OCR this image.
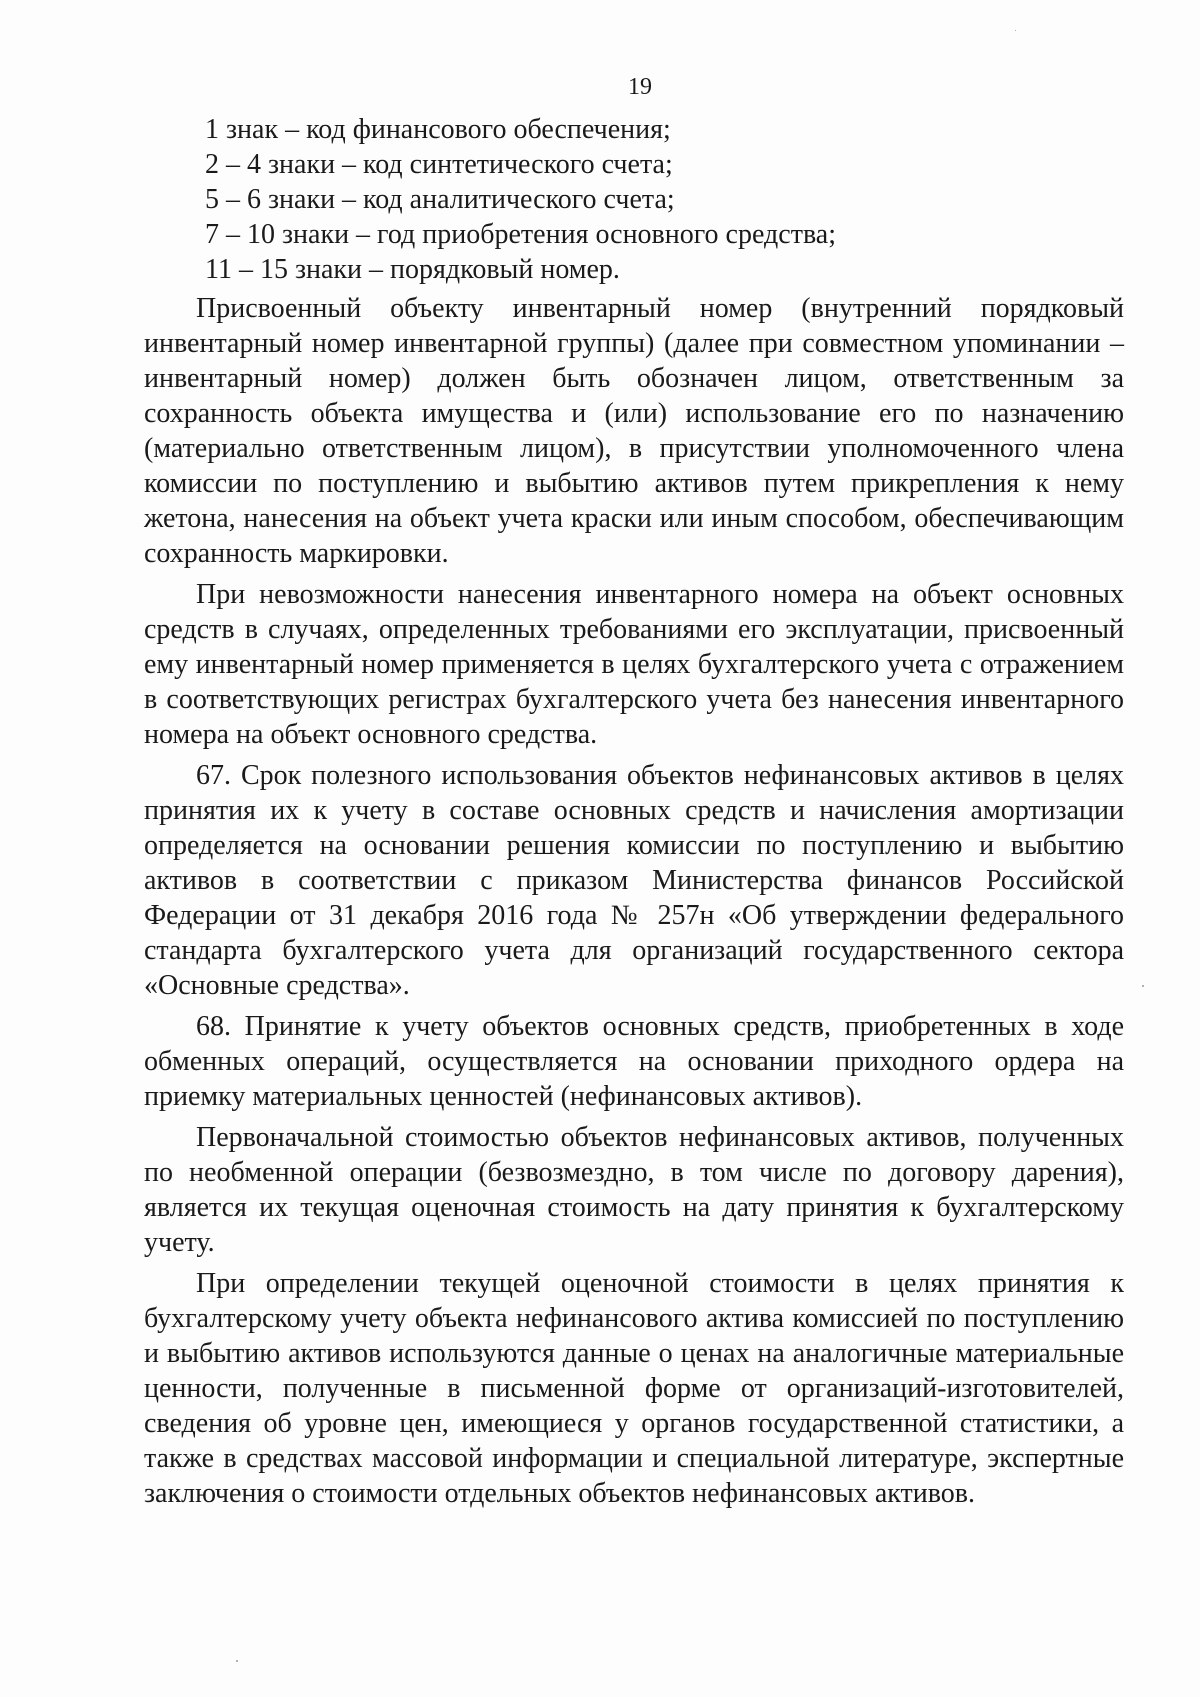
19
1 знак – код финансового обеспечения;
2 – 4 знаки – код синтетического счета;
5 – 6 знаки – код аналитического счета;
7 – 10 знаки – год приобретения основного средства;
11 – 15 знаки – порядковый номер.

Присвоенный объекту инвентарный номер (внутренний порядковый инвентарный номер инвентарной группы) (далее при совместном упоминании – инвентарный номер) должен быть обозначен лицом, ответственным за сохранность объекта имущества и (или) использование его по назначению (материально ответственным лицом), в присутствии уполномоченного члена комиссии по поступлению и выбытию активов путем прикрепления к нему жетона, нанесения на объект учета краски или иным способом, обеспечивающим сохранность маркировки.

При невозможности нанесения инвентарного номера на объект основных средств в случаях, определенных требованиями его эксплуатации, присвоенный ему инвентарный номер применяется в целях бухгалтерского учета с отражением в соответствующих регистрах бухгалтерского учета без нанесения инвентарного номера на объект основного средства.

67. Срок полезного использования объектов нефинансовых активов в целях принятия их к учету в составе основных средств и начисления амортизации определяется на основании решения комиссии по поступлению и выбытию активов в соответствии с приказом Министерства финансов Российской Федерации от 31 декабря 2016 года № 257н «Об утверждении федерального стандарта бухгалтерского учета для организаций государственного сектора «Основные средства».

68. Принятие к учету объектов основных средств, приобретенных в ходе обменных операций, осуществляется на основании приходного ордера на приемку материальных ценностей (нефинансовых активов).

Первоначальной стоимостью объектов нефинансовых активов, полученных по необменной операции (безвозмездно, в том числе по договору дарения), является их текущая оценочная стоимость на дату принятия к бухгалтерскому учету.

При определении текущей оценочной стоимости в целях принятия к бухгалтерскому учету объекта нефинансового актива комиссией по поступлению и выбытию активов используются данные о ценах на аналогичные материальные ценности, полученные в письменной форме от организаций-изготовителей, сведения об уровне цен, имеющиеся у органов государственной статистики, а также в средствах массовой информации и специальной литературе, экспертные заключения о стоимости отдельных объектов нефинансовых активов.
